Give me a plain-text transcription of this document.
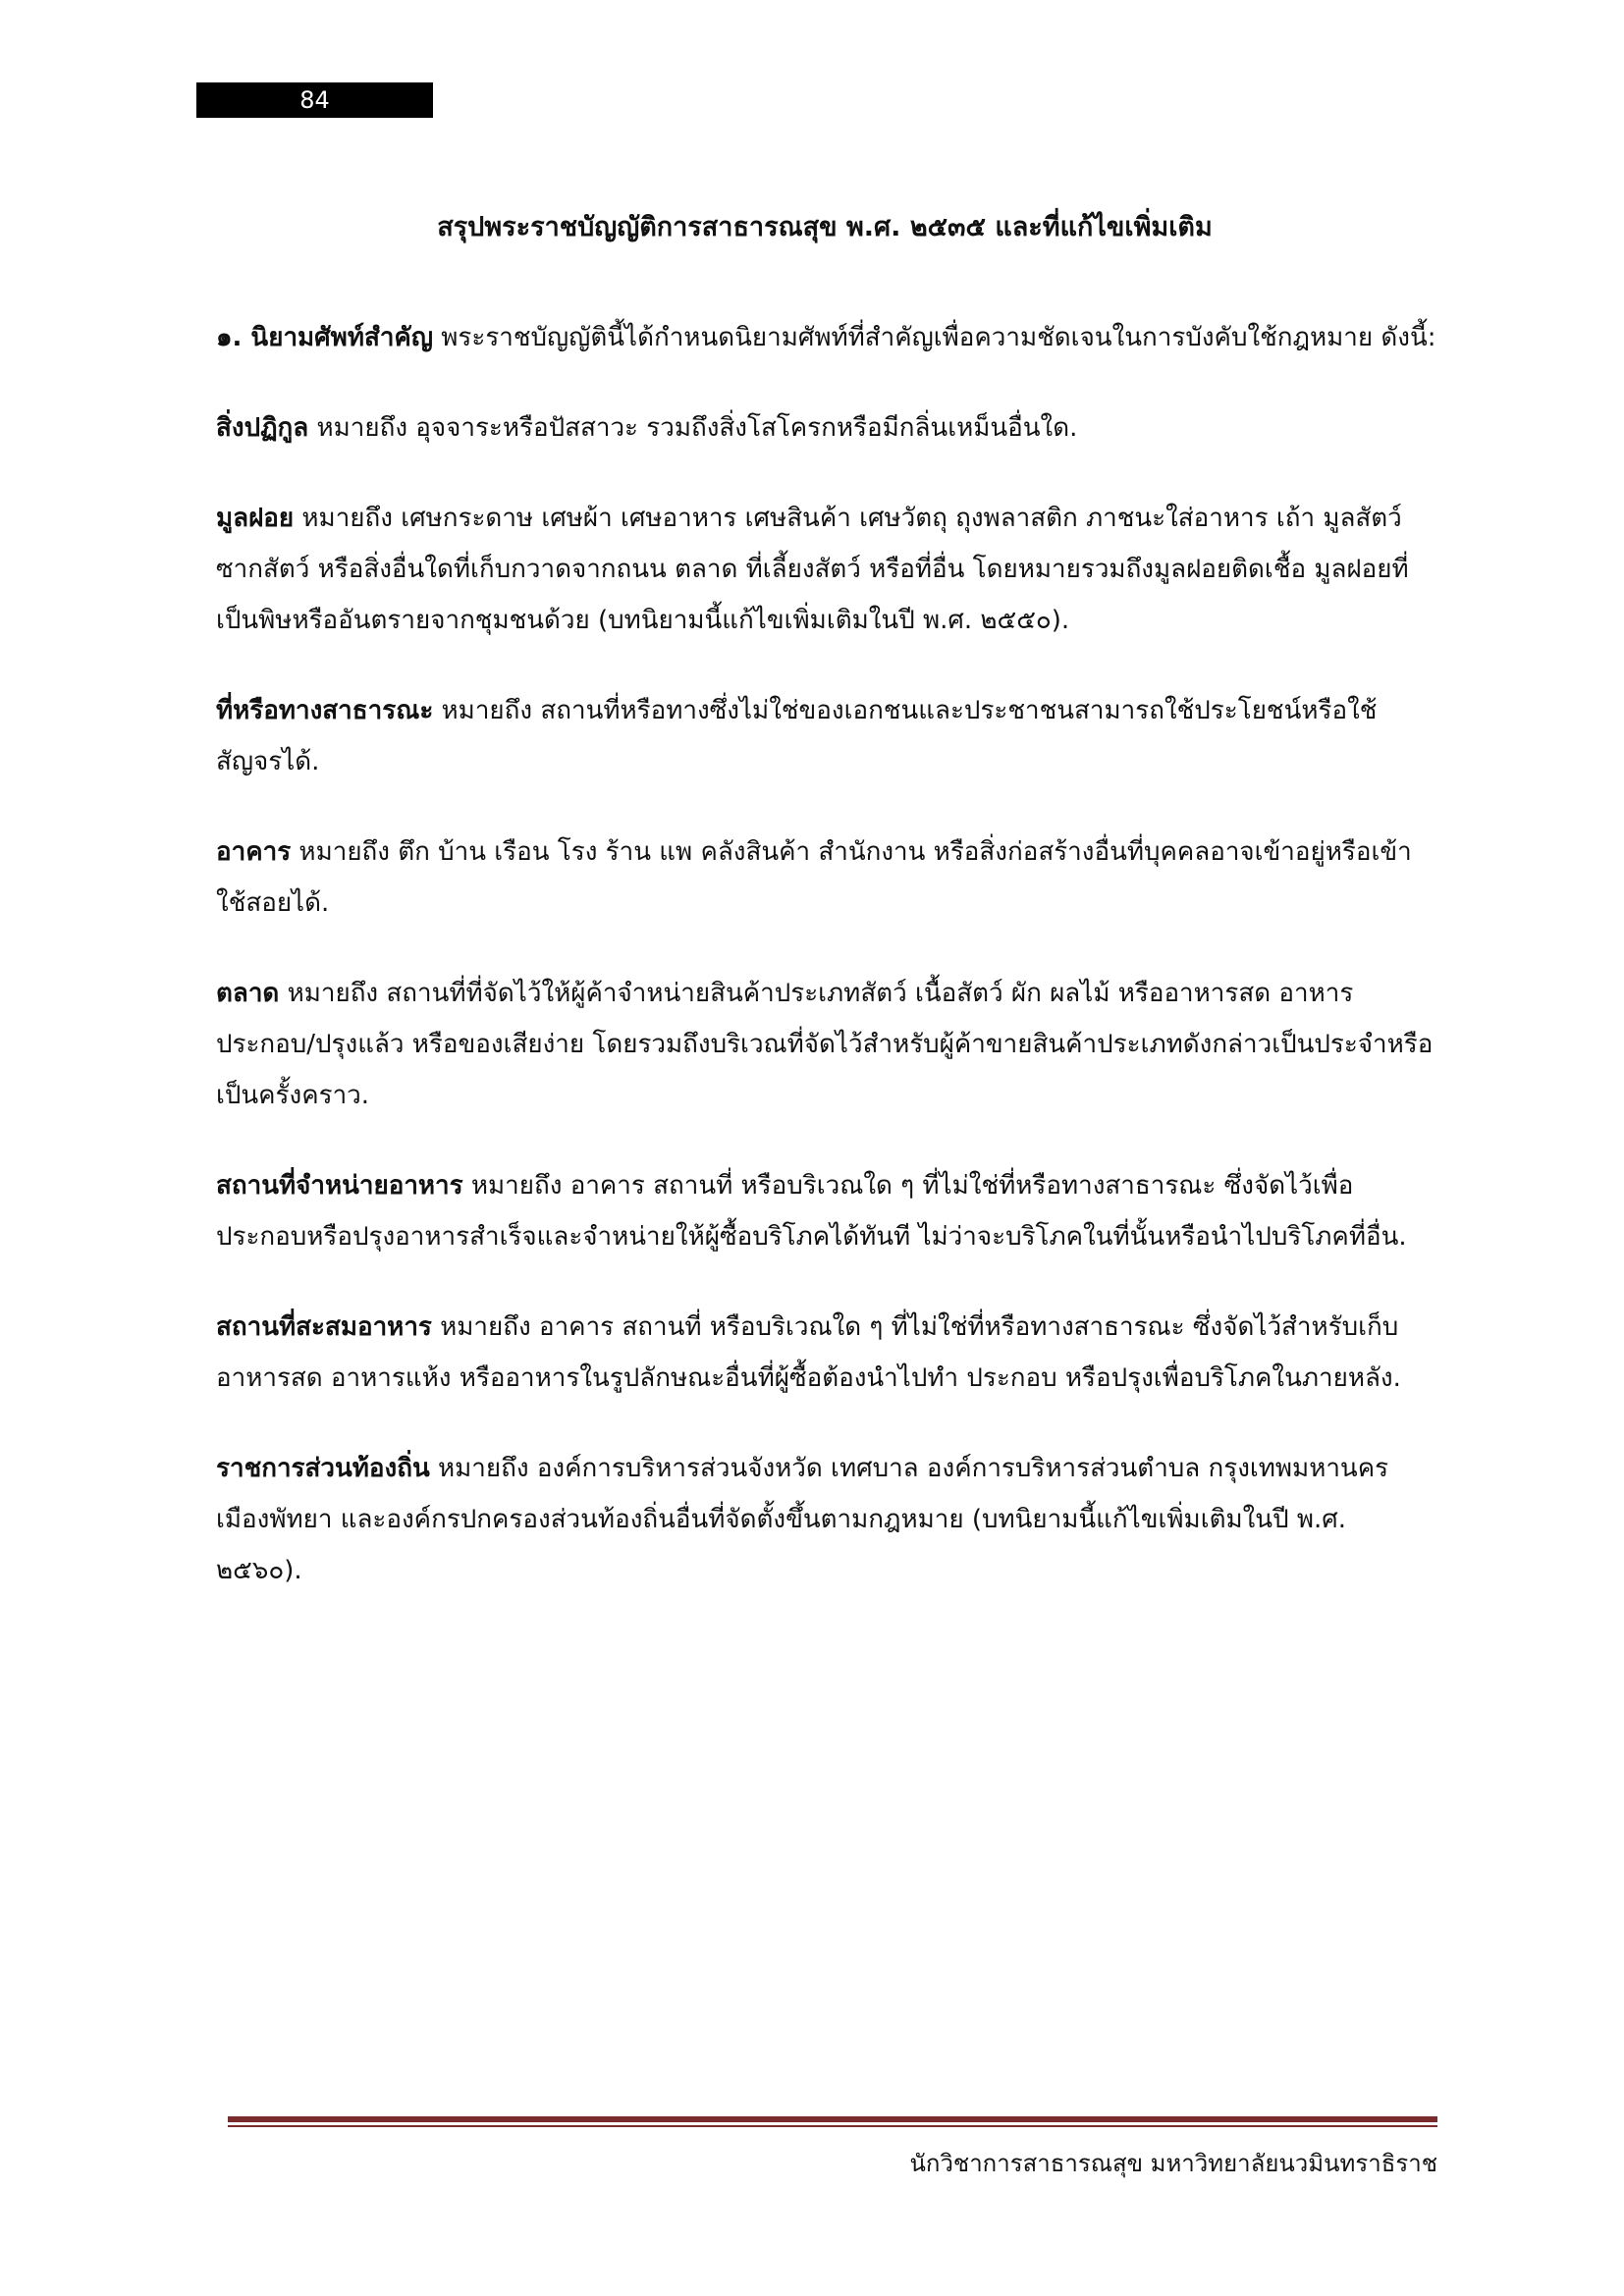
84
สรุปพระราชบัญญัติการสาธารณสุข พ.ศ. ๒๕๓๕ และที่แก้ไขเพิ่มเติม

๑. นิยามศัพท์สำคัญ พระราชบัญญัตินี้ได้กำหนดนิยามศัพท์ที่สำคัญเพื่อความชัดเจนในการบังคับใช้กฎหมาย ดังนี้:

สิ่งปฏิกูล หมายถึง อุจจาระหรือปัสสาวะ รวมถึงสิ่งโสโครกหรือมีกลิ่นเหม็นอื่นใด.

มูลฝอย หมายถึง เศษกระดาษ เศษผ้า เศษอาหาร เศษสินค้า เศษวัตถุ ถุงพลาสติก ภาชนะใส่อาหาร เถ้า มูลสัตว์ ซากสัตว์ หรือสิ่งอื่นใดที่เก็บกวาดจากถนน ตลาด ที่เลี้ยงสัตว์ หรือที่อื่น โดยหมายรวมถึงมูลฝอยติดเชื้อ มูลฝอยที่เป็นพิษหรืออันตรายจากชุมชนด้วย (บทนิยามนี้แก้ไขเพิ่มเติมในปี พ.ศ. ๒๕๕๐).

ที่หรือทางสาธารณะ หมายถึง สถานที่หรือทางซึ่งไม่ใช่ของเอกชนและประชาชนสามารถใช้ประโยชน์หรือใช้สัญจรได้.

อาคาร หมายถึง ตึก บ้าน เรือน โรง ร้าน แพ คลังสินค้า สำนักงาน หรือสิ่งก่อสร้างอื่นที่บุคคลอาจเข้าอยู่หรือเข้าใช้สอยได้.

ตลาด หมายถึง สถานที่ที่จัดไว้ให้ผู้ค้าจำหน่ายสินค้าประเภทสัตว์ เนื้อสัตว์ ผัก ผลไม้ หรืออาหารสด อาหารประกอบ/ปรุงแล้ว หรือของเสียง่าย โดยรวมถึงบริเวณที่จัดไว้สำหรับผู้ค้าขายสินค้าประเภทดังกล่าวเป็นประจำหรือเป็นครั้งคราว.

สถานที่จำหน่ายอาหาร หมายถึง อาคาร สถานที่ หรือบริเวณใด ๆ ที่ไม่ใช่ที่หรือทางสาธารณะ ซึ่งจัดไว้เพื่อประกอบหรือปรุงอาหารสำเร็จและจำหน่ายให้ผู้ซื้อบริโภคได้ทันที ไม่ว่าจะบริโภคในที่นั้นหรือนำไปบริโภคที่อื่น.

สถานที่สะสมอาหาร หมายถึง อาคาร สถานที่ หรือบริเวณใด ๆ ที่ไม่ใช่ที่หรือทางสาธารณะ ซึ่งจัดไว้สำหรับเก็บอาหารสด อาหารแห้ง หรืออาหารในรูปลักษณะอื่นที่ผู้ซื้อต้องนำไปทำ ประกอบ หรือปรุงเพื่อบริโภคในภายหลัง.

ราชการส่วนท้องถิ่น หมายถึง องค์การบริหารส่วนจังหวัด เทศบาล องค์การบริหารส่วนตำบล กรุงเทพมหานคร เมืองพัทยา และองค์กรปกครองส่วนท้องถิ่นอื่นที่จัดตั้งขึ้นตามกฎหมาย (บทนิยามนี้แก้ไขเพิ่มเติมในปี พ.ศ. ๒๕๖๐).

นักวิชาการสาธารณสุข มหาวิทยาลัยนวมินทราธิราช
